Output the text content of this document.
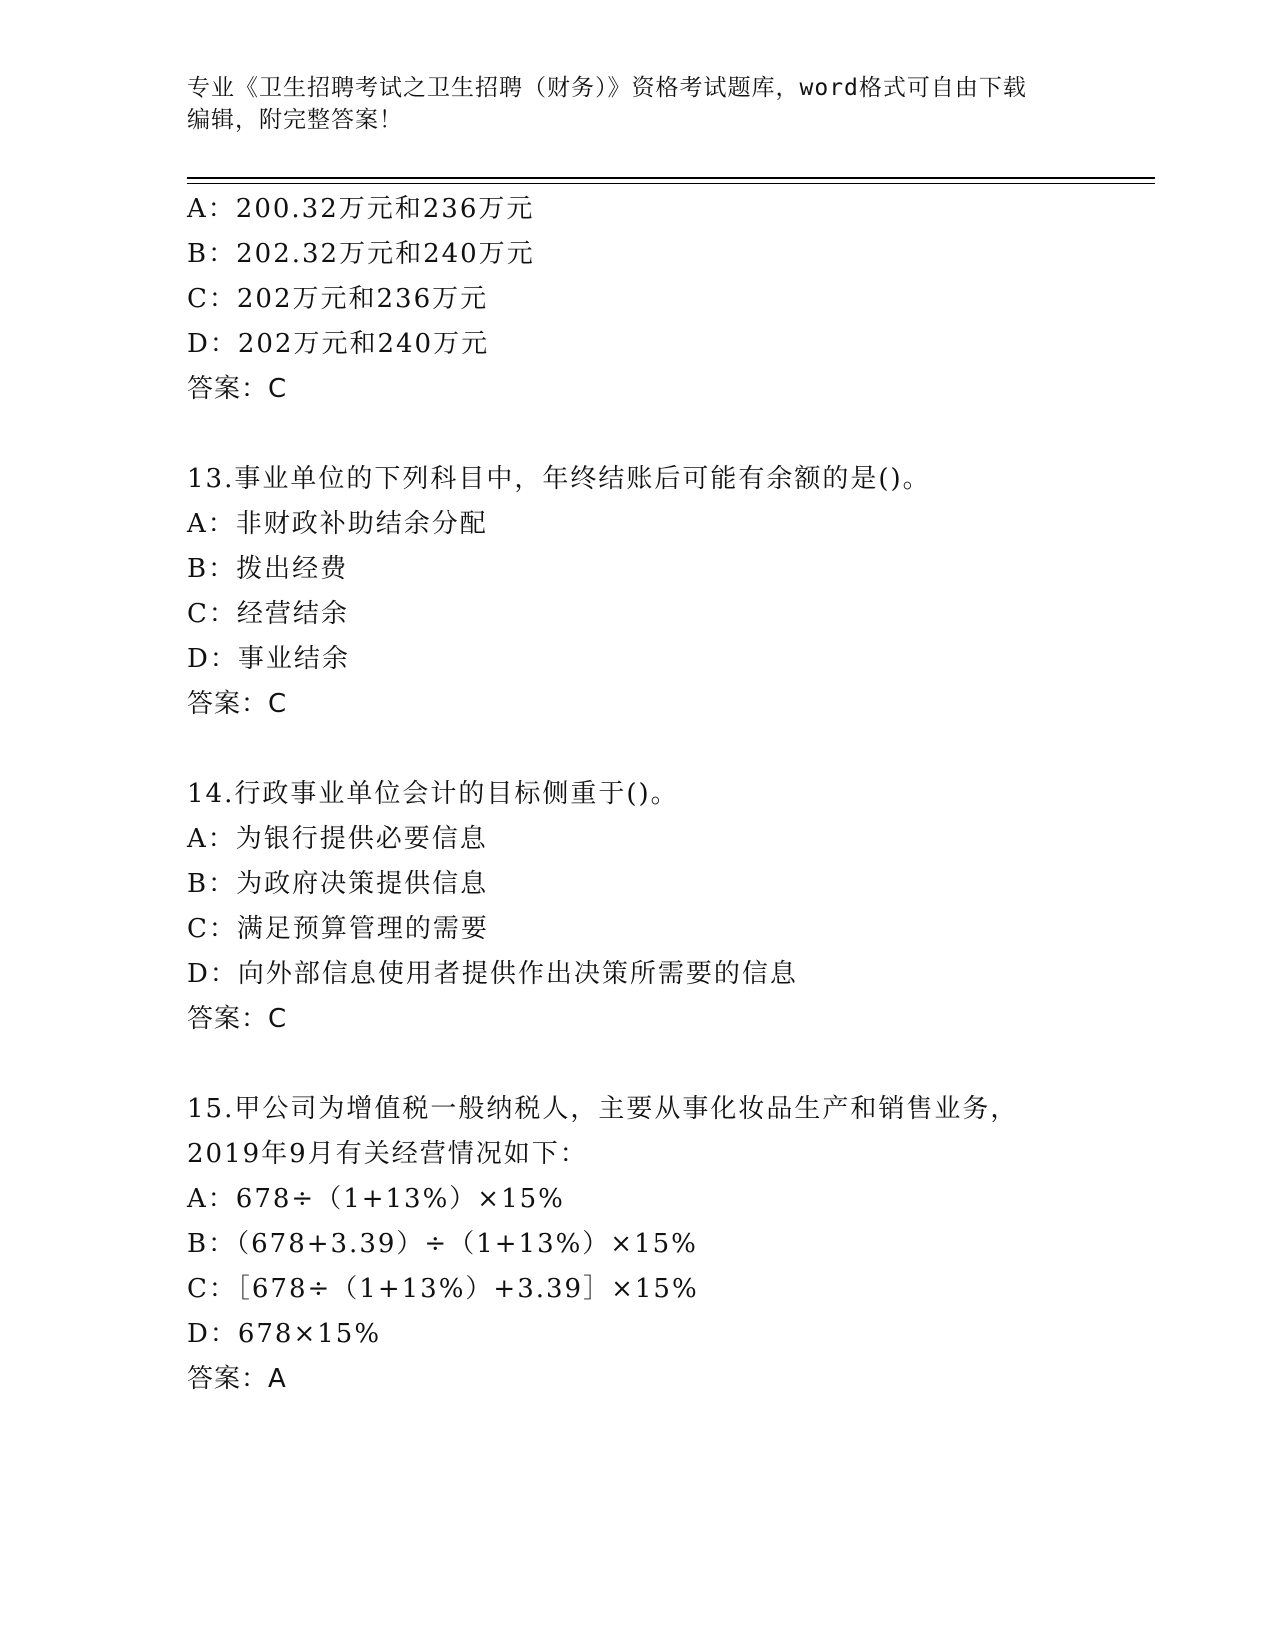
专业《卫生招聘考试之卫生招聘（财务）》资格考试题库，word格式可自由下载
编辑，附完整答案！
A：200.32万元和236万元
B：202.32万元和240万元
C：202万元和236万元
D：202万元和240万元
答案：C
13.事业单位的下列科目中，年终结账后可能有余额的是()。
A：非财政补助结余分配
B：拨出经费
C：经营结余
D：事业结余
答案：C
14.行政事业单位会计的目标侧重于()。
A：为银行提供必要信息
B：为政府决策提供信息
C：满足预算管理的需要
D：向外部信息使用者提供作出决策所需要的信息
答案：C
15.甲公司为增值税一般纳税人，主要从事化妆品生产和销售业务，
2019年9月有关经营情况如下：
A：678÷（1+13%）×15%
B：（678+3.39）÷（1+13%）×15%
C：［678÷（1+13%）+3.39］×15%
D：678×15%
答案：A
